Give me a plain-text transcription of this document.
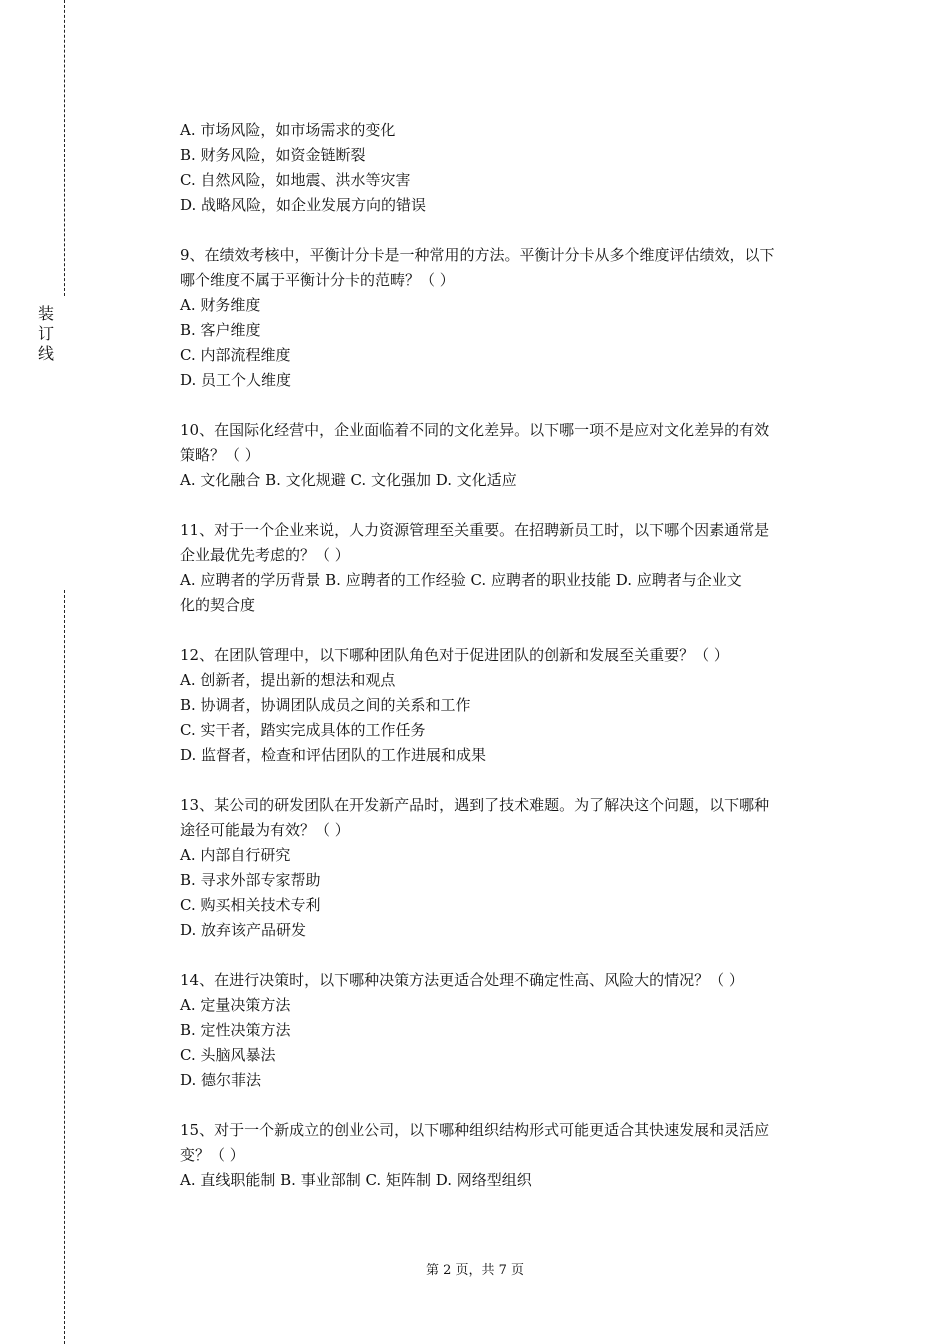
装
订
线
A. 市场风险，如市场需求的变化
B. 财务风险，如资金链断裂
C. 自然风险，如地震、洪水等灾害
D. 战略风险，如企业发展方向的错误
9、在绩效考核中，平衡计分卡是一种常用的方法。平衡计分卡从多个维度评估绩效，以下
哪个维度不属于平衡计分卡的范畴？（ ）
A. 财务维度
B. 客户维度
C. 内部流程维度
D. 员工个人维度
10、在国际化经营中，企业面临着不同的文化差异。以下哪一项不是应对文化差异的有效
策略？（ ）
A. 文化融合 B. 文化规避 C. 文化强加 D. 文化适应
11、对于一个企业来说，人力资源管理至关重要。在招聘新员工时，以下哪个因素通常是
企业最优先考虑的？（ ）
A. 应聘者的学历背景 B. 应聘者的工作经验 C. 应聘者的职业技能 D. 应聘者与企业文
化的契合度
12、在团队管理中，以下哪种团队角色对于促进团队的创新和发展至关重要？（ ）
A. 创新者，提出新的想法和观点
B. 协调者，协调团队成员之间的关系和工作
C. 实干者，踏实完成具体的工作任务
D. 监督者，检查和评估团队的工作进展和成果
13、某公司的研发团队在开发新产品时，遇到了技术难题。为了解决这个问题，以下哪种
途径可能最为有效？（ ）
A. 内部自行研究
B. 寻求外部专家帮助
C. 购买相关技术专利
D. 放弃该产品研发
14、在进行决策时，以下哪种决策方法更适合处理不确定性高、风险大的情况？（ ）
A. 定量决策方法
B. 定性决策方法
C. 头脑风暴法
D. 德尔菲法
15、对于一个新成立的创业公司，以下哪种组织结构形式可能更适合其快速发展和灵活应
变？（ ）
A. 直线职能制 B. 事业部制 C. 矩阵制 D. 网络型组织
第 2 页，共 7 页
